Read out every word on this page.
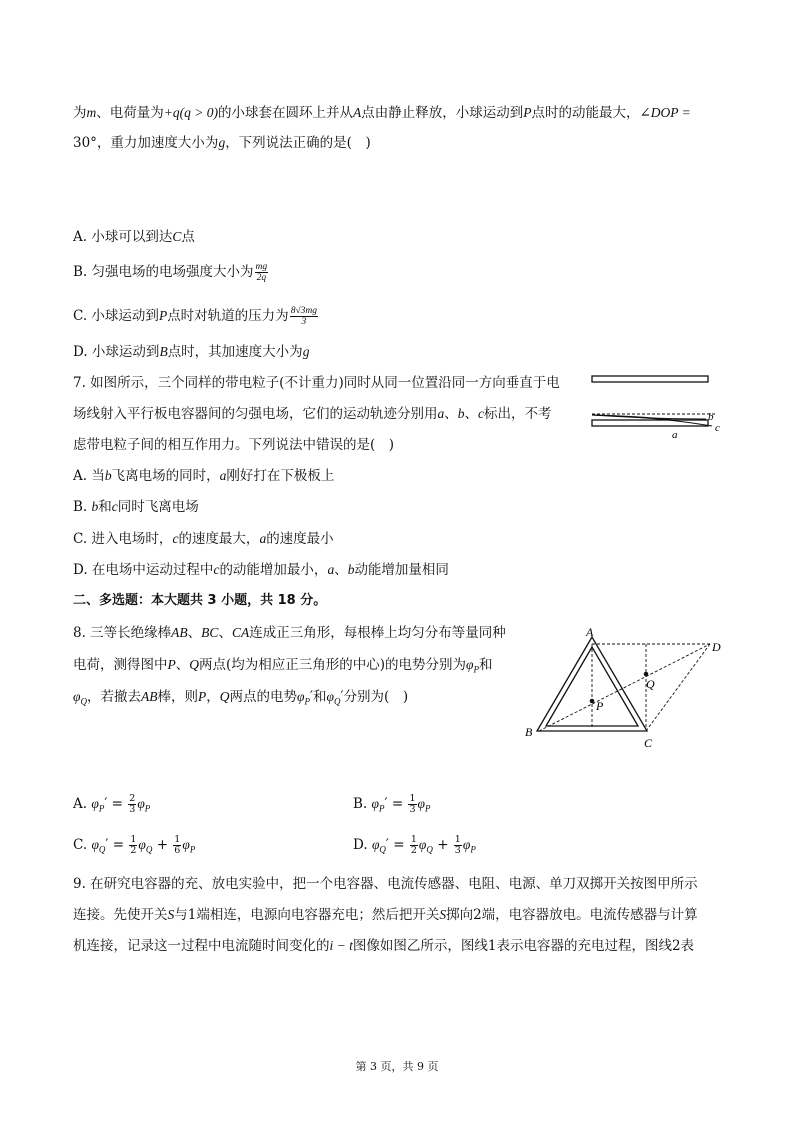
为m、电荷量为+q(q > 0)的小球套在圆环上并从A点由静止释放，小球运动到P点时的动能最大，∠DOP =
30°，重力加速度大小为g，下列说法正确的是(　)
A. 小球可以到达C点
B. 匀强电场的电场强度大小为 $\frac{mg}{2q}$
C. 小球运动到P点时对轨道的压力为 $\frac{8√3mg}{3}$
D. 小球运动到B点时，其加速度大小为g
7. 如图所示，三个同样的带电粒子(不计重力)同时从同一位置沿同一方向垂直于电
场线射入平行板电容器间的匀强电场，它们的运动轨迹分别用a、b、c标出，不考
虑带电粒子间的相互作用力。下列说法中错误的是(　)
A. 当b飞离电场的同时，a刚好打在下极板上
B. b和c同时飞离电场
C. 进入电场时，c的速度最大，a的速度最小
D. 在电场中运动过程中c的动能增加最小，a、b动能增加量相同
c
b
a
二、多选题：本大题共 3 小题，共 18 分。
8. 三等长绝缘棒AB、BC、CA连成正三角形，每根棒上均匀分布等量同种
电荷，测得图中P、Q两点(均为相应正三角形的中心)的电势分别为$\varphi_P$和
$\varphi_Q$，若撤去AB棒，则P，Q两点的电势$\varphi_P'$和$\varphi_Q'$分别为(　)
A
B
C
D
P
Q
A. $\varphi_P' = \frac{2}{3} \varphi_P$	B. $\varphi_P' = \frac{1}{3} \varphi_P$
C. $\varphi_Q' = \frac{1}{2} \varphi_Q + \frac{1}{6} \varphi_P$	D. $\varphi_Q' = \frac{1}{2} \varphi_Q + \frac{1}{3} \varphi_P$
9. 在研究电容器的充、放电实验中，把一个电容器、电流传感器、电阻、电源、单刀双掷开关按图甲所示
连接。先使开关S与1端相连，电源向电容器充电；然后把开关S掷向2端，电容器放电。电流传感器与计算
机连接，记录这一过程中电流随时间变化的i − t图像如图乙所示，图线1表示电容器的充电过程，图线2表
第 3 页，共 9 页
